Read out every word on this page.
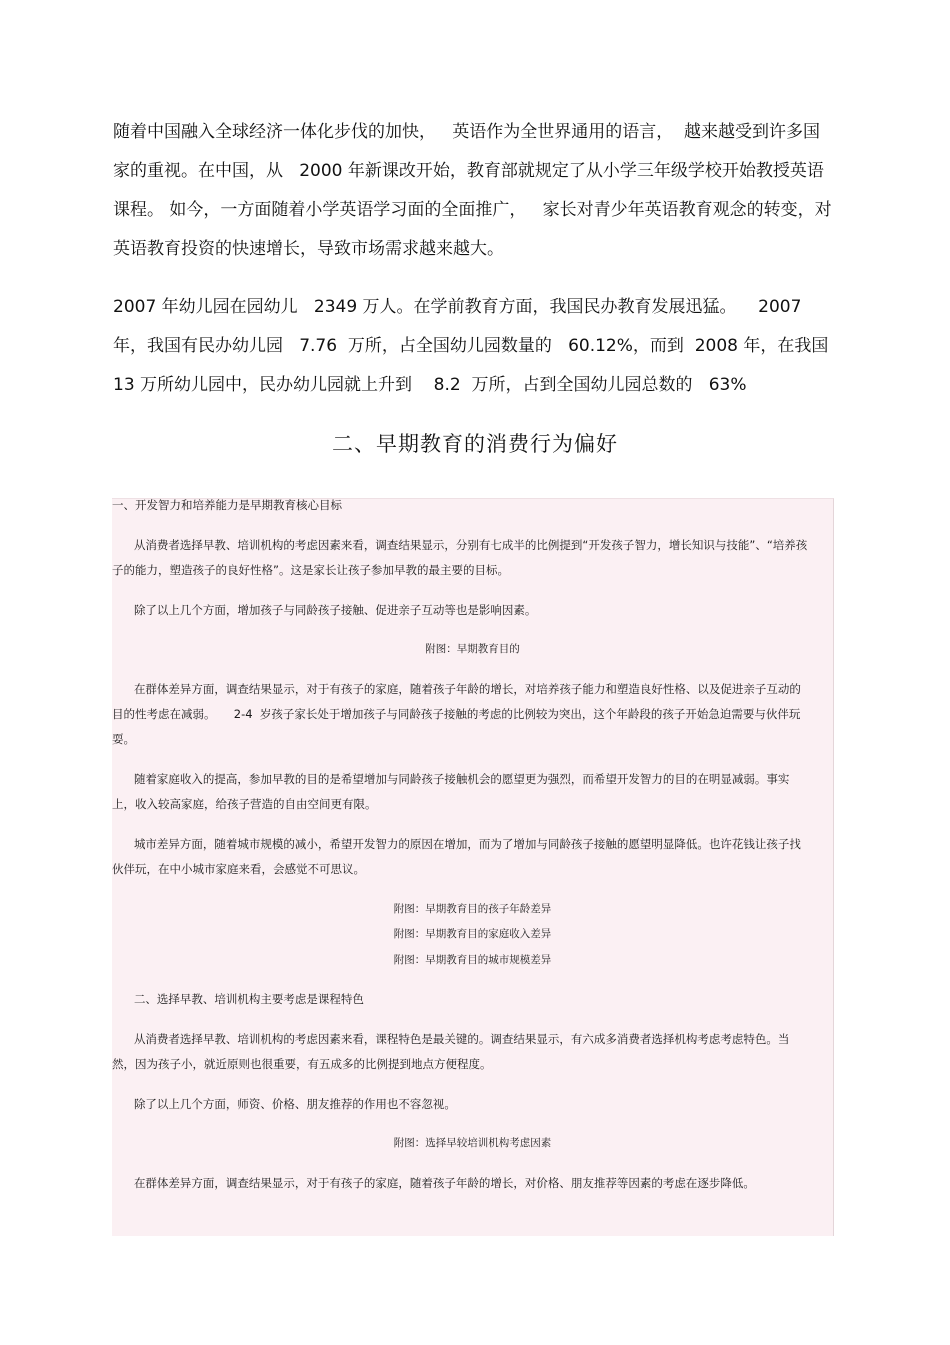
随着中国融入全球经济一体化步伐的加快，   英语作为全世界通用的语言，  越来越受到许多国家的重视。在中国，从   2000 年新课改开始，教育部就规定了从小学三年级学校开始教授英语课程。 如今，一方面随着小学英语学习面的全面推广，   家长对青少年英语教育观念的转变，对英语教育投资的快速增长，导致市场需求越来越大。

2007 年幼儿园在园幼儿   2349 万人。在学前教育方面，我国民办教育发展迅猛。    2007 年，我国有民办幼儿园   7.76  万所，占全国幼儿园数量的   60.12%，而到  2008 年，在我国 13 万所幼儿园中，民办幼儿园就上升到    8.2  万所，占到全国幼儿园总数的   63%

二、早期教育的消费行为偏好

一、开发智力和培养能力是早期教育核心目标

从消费者选择早教、培训机构的考虑因素来看，调查结果显示，分别有七成半的比例提到“开发孩子智力，增长知识与技能”、“培养孩子的能力，塑造孩子的良好性格”。这是家长让孩子参加早教的最主要的目标。

除了以上几个方面，增加孩子与同龄孩子接触、促进亲子互动等也是影响因素。

附图：早期教育目的

在群体差异方面，调查结果显示，对于有孩子的家庭，随着孩子年龄的增长，对培养孩子能力和塑造良好性格、以及促进亲子互动的目的性考虑在减弱。     2-4  岁孩子家长处于增加孩子与同龄孩子接触的考虑的比例较为突出，这个年龄段的孩子开始急迫需要与伙伴玩耍。

随着家庭收入的提高，参加早教的目的是希望增加与同龄孩子接触机会的愿望更为强烈，而希望开发智力的目的在明显减弱。事实上，收入较高家庭，给孩子营造的自由空间更有限。

城市差异方面，随着城市规模的减小，希望开发智力的原因在增加，而为了增加与同龄孩子接触的愿望明显降低。也许花钱让孩子找伙伴玩，在中小城市家庭来看，会感觉不可思议。

附图：早期教育目的孩子年龄差异

附图：早期教育目的家庭收入差异

附图：早期教育目的城市规模差异

二、选择早教、培训机构主要考虑是课程特色

从消费者选择早教、培训机构的考虑因素来看，课程特色是最关键的。调查结果显示，有六成多消费者选择机构考虑考虑特色。当然，因为孩子小，就近原则也很重要，有五成多的比例提到地点方便程度。

除了以上几个方面，师资、价格、朋友推荐的作用也不容忽视。

附图：选择早较培训机构考虑因素

在群体差异方面，调查结果显示，对于有孩子的家庭，随着孩子年龄的增长，对价格、朋友推荐等因素的考虑在逐步降低。
